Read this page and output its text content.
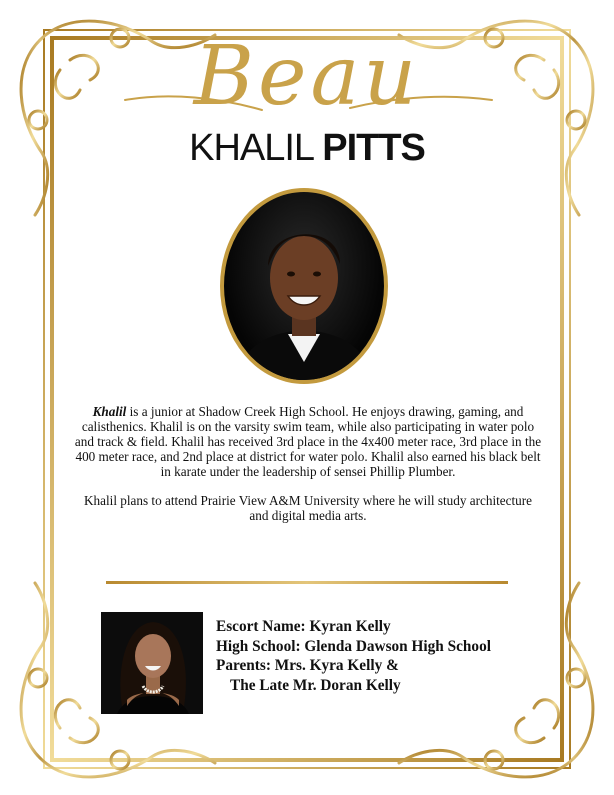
Beau
KHALIL PITTS

Khalil is a junior at Shadow Creek High School. He enjoys drawing, gaming, and calisthenics. Khalil is on the varsity swim team, while also participating in water polo and track & field. Khalil has received 3rd place in the 4x400 meter race, 3rd place in the 400 meter race, and 2nd place at district for water polo. Khalil also earned his black belt in karate under the leadership of sensei Phillip Plumber.

Khalil plans to attend Prairie View A&M University where he will study architecture and digital media arts.

Escort Name: Kyran Kelly
High School: Glenda Dawson High School
Parents: Mrs. Kyra Kelly &
The Late Mr. Doran Kelly
